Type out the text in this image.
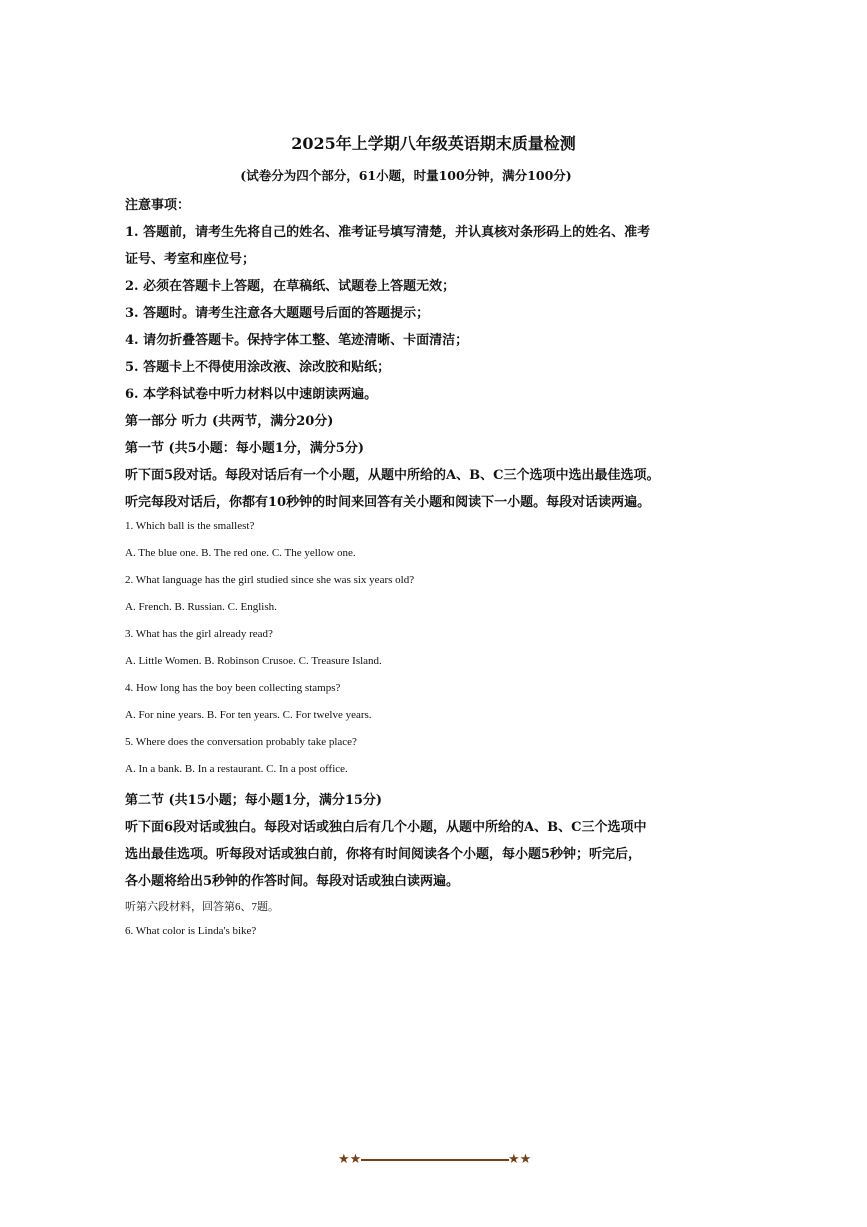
2025年上学期八年级英语期末质量检测
(试卷分为四个部分，61小题，时量100分钟，满分100分)
注意事项：
1. 答题前，请考生先将自己的姓名、准考证号填写清楚，并认真核对条形码上的姓名、准考
证号、考室和座位号；
2. 必须在答题卡上答题，在草稿纸、试题卷上答题无效；
3. 答题时。请考生注意各大题题号后面的答题提示；
4. 请勿折叠答题卡。保持字体工整、笔迹清晰、卡面清洁；
5. 答题卡上不得使用涂改液、涂改胶和贴纸；
6. 本学科试卷中听力材料以中速朗读两遍。
第一部分 听力 (共两节，满分20分)
第一节 (共5小题：每小题1分，满分5分)
听下面5段对话。每段对话后有一个小题，从题中所给的A、B、C三个选项中选出最佳选项。
听完每段对话后，你都有10秒钟的时间来回答有关小题和阅读下一小题。每段对话读两遍。
1. Which ball is the smallest?
A. The blue one. B. The red one. C. The yellow one.
2. What language has the girl studied since she was six years old?
A. French. B. Russian. C. English.
3. What has the girl already read?
A. Little Women. B. Robinson Crusoe. C. Treasure Island.
4. How long has the boy been collecting stamps?
A. For nine years. B. For ten years. C. For twelve years.
5. Where does the conversation probably take place?
A. In a bank. B. In a restaurant. C. In a post office.
第二节 (共15小题；每小题1分，满分15分)
听下面6段对话或独白。每段对话或独白后有几个小题，从题中所给的A、B、C三个选项中
选出最佳选项。听每段对话或独白前，你将有时间阅读各个小题，每小题5秒钟；听完后，
各小题将给出5秒钟的作答时间。每段对话或独白读两遍。
听第六段材料，回答第6、7题。
6. What color is Linda's bike?
★★	★★
